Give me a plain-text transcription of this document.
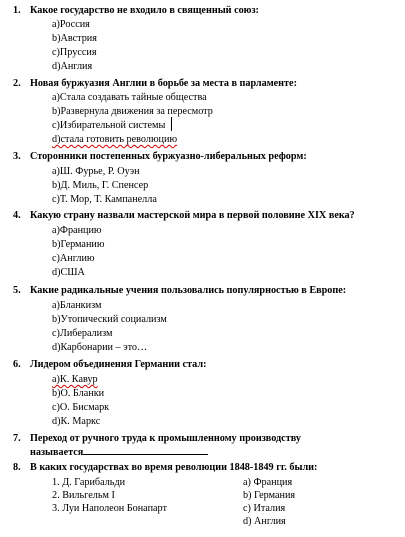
1. Какое государство не входило в священный союз:
a)Россия
b)Австрия
c)Пруссия
d)Англия
2. Новая буржуазия Англии в борьбе за места в парламенте:
a)Стала создавать тайные общества
b)Развернула движения за пересмотр
c)Избирательной системы
d)стала готовить революцию
3. Сторонники постепенных буржуазно-либеральных реформ:
a)Ш. Фурье, Р. Оуэн
b)Д. Миль, Г. Спенсер
c)Т. Мор, Т. Кампанелла
4. Какую страну назвали мастерской мира в первой половине XIX века?
a)Францию
b)Германию
c)Англию
d)США
5. Какие радикальные учения пользовались популярностью в Европе:
a)Бланкизм
b)Утопический социализм
c)Либерализм
d)Карбонарии – это…
6. Лидером объединения Германии стал:
a)К. Кавур
b)О. Бланки
c)О. Бисмарк
d)К. Маркс
7. Переход от ручного труда к промышленному производству
называется
8. В каких государствах во время революции 1848-1849 гг. были:
1. Д. Гарибальди
2. Вильгельм I
3. Луи Наполеон Бонапарт
a) Франция
b) Германия
c) Италия
d) Англия
